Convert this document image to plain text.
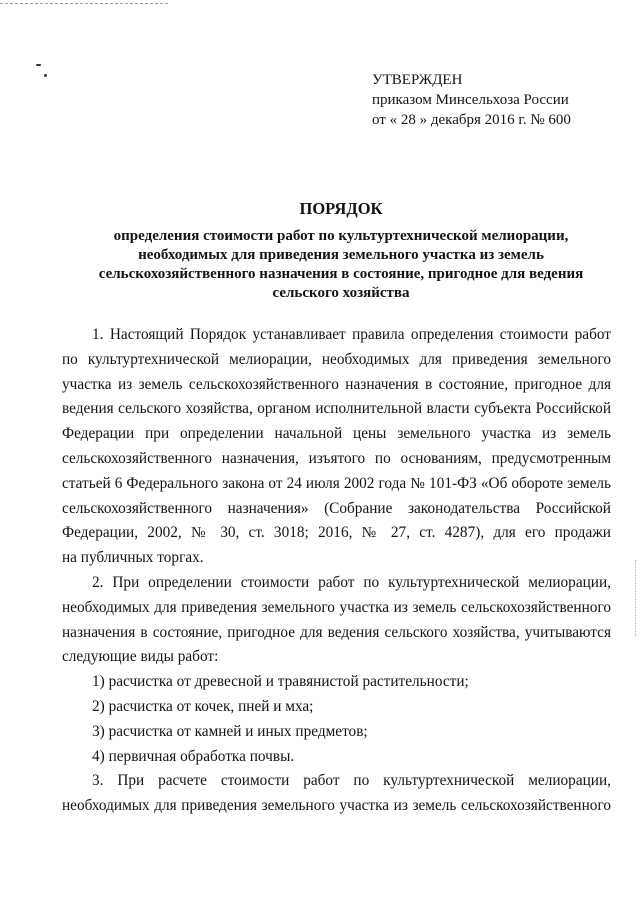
УТВЕРЖДЕН
приказом Минсельхоза России
от « 28 » декабря 2016 г. № 600
ПОРЯДОК
определения стоимости работ по культуртехнической мелиорации,
необходимых для приведения земельного участка из земель
сельскохозяйственного назначения в состояние, пригодное для ведения
сельского хозяйства

1. Настоящий Порядок устанавливает правила определения стоимости работ

по культуртехнической мелиорации, необходимых для приведения земельного

участка из земель сельскохозяйственного назначения в состояние, пригодное для

ведения сельского хозяйства, органом исполнительной власти субъекта Российской

Федерации при определении начальной цены земельного участка из земель

сельскохозяйственного назначения, изъятого по основаниям, предусмотренным

статьей 6 Федерального закона от 24 июля 2002 года № 101-ФЗ «Об обороте земель

сельскохозяйственного назначения» (Собрание законодательства Российской

Федерации, 2002, № 30, ст. 3018; 2016, № 27, ст. 4287), для его продажи

на публичных торгах.

2. При определении стоимости работ по культуртехнической мелиорации,

необходимых для приведения земельного участка из земель сельскохозяйственного

назначения в состояние, пригодное для ведения сельского хозяйства, учитываются

следующие виды работ:

1) расчистка от древесной и травянистой растительности;

2) расчистка от кочек, пней и мха;

3) расчистка от камней и иных предметов;

4) первичная обработка почвы.

3. При расчете стоимости работ по культуртехнической мелиорации,

необходимых для приведения земельного участка из земель сельскохозяйственного
